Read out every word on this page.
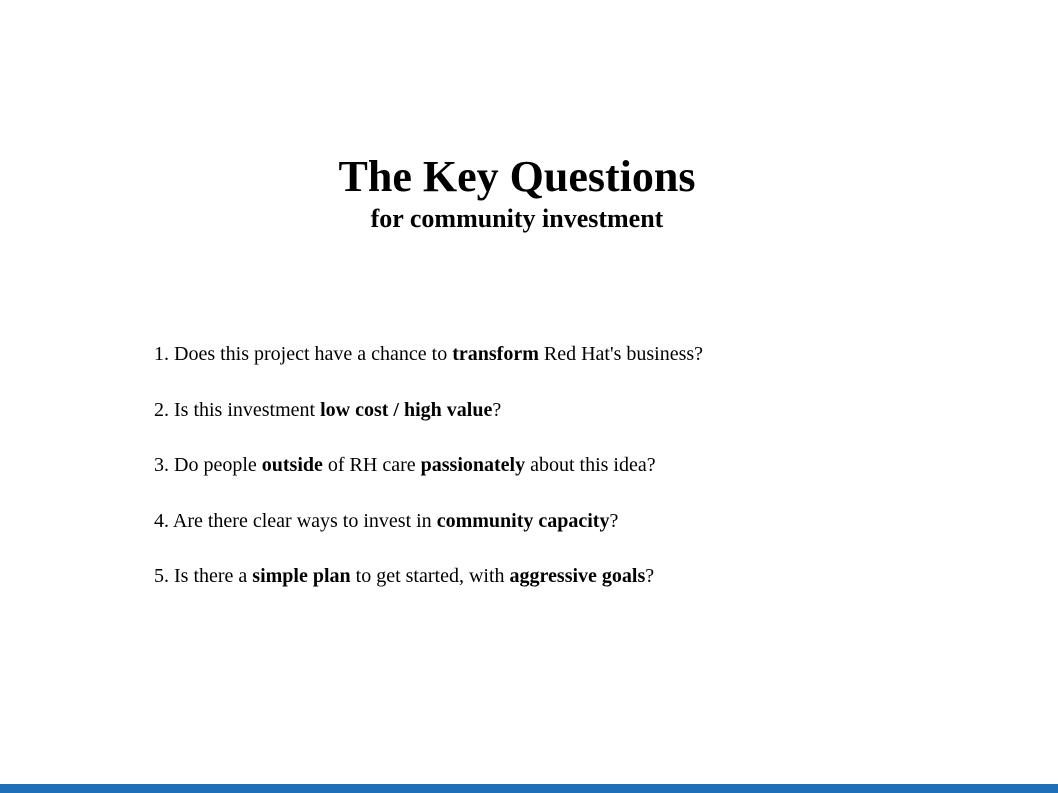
The Key Questions
for community investment
1. Does this project have a chance to transform Red Hat's business?
2. Is this investment low cost / high value?
3. Do people outside of RH care passionately about this idea?
4. Are there clear ways to invest in community capacity?
5. Is there a simple plan to get started, with aggressive goals?
